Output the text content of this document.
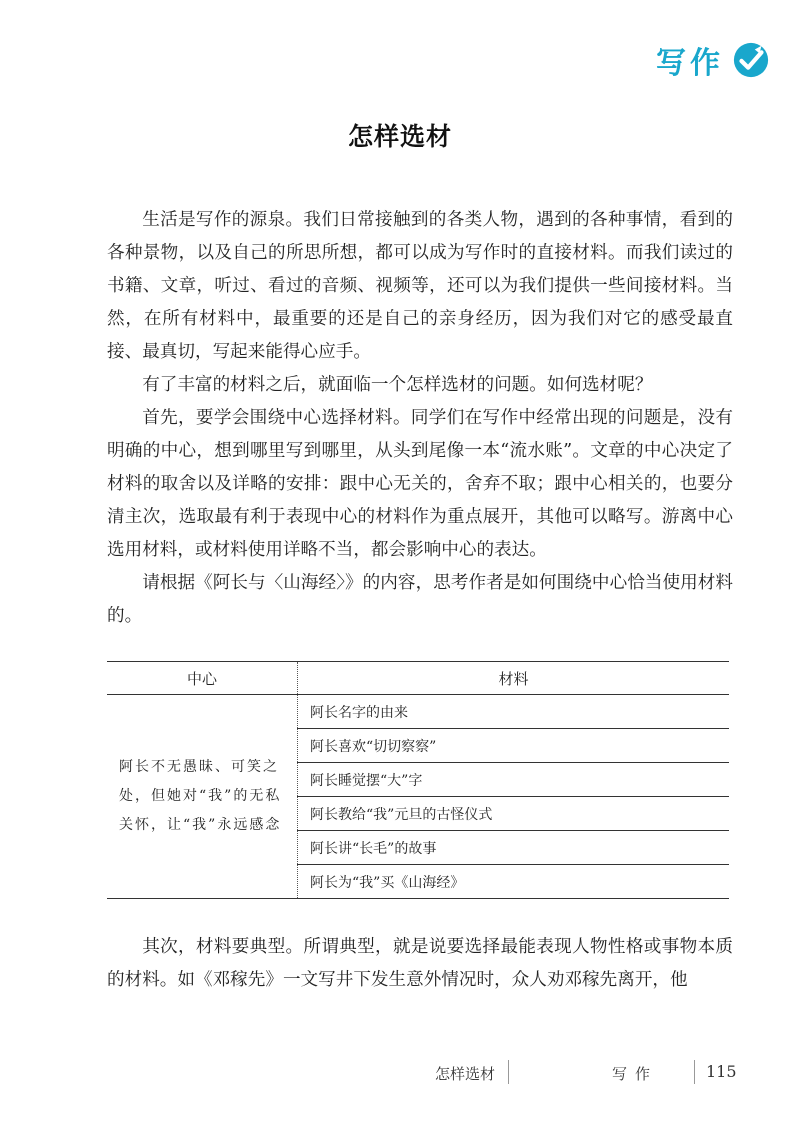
写作
怎样选材

生活是写作的源泉。我们日常接触到的各类人物，遇到的各种事情，看到的各种景物，以及自己的所思所想，都可以成为写作时的直接材料。而我们读过的书籍、文章，听过、看过的音频、视频等，还可以为我们提供一些间接材料。当然，在所有材料中，最重要的还是自己的亲身经历，因为我们对它的感受最直接、最真切，写起来能得心应手。

有了丰富的材料之后，就面临一个怎样选材的问题。如何选材呢？

首先，要学会围绕中心选择材料。同学们在写作中经常出现的问题是，没有明确的中心，想到哪里写到哪里，从头到尾像一本“流水账”。文章的中心决定了材料的取舍以及详略的安排：跟中心无关的，舍弃不取；跟中心相关的，也要分清主次，选取最有利于表现中心的材料作为重点展开，其他可以略写。游离中心选用材料，或材料使用详略不当，都会影响中心的表达。

请根据《阿长与〈山海经〉》的内容，思考作者是如何围绕中心恰当使用材料的。

中心	材料
阿长不无愚昧、可笑之处，但她对“我”的无私关怀，让“我”永远感念	阿长名字的由来
	阿长喜欢“切切察察”
	阿长睡觉摆“大”字
	阿长教给“我”元旦的古怪仪式
	阿长讲“长毛”的故事
	阿长为“我”买《山海经》

其次，材料要典型。所谓典型，就是说要选择最能表现人物性格或事物本质的材料。如《邓稼先》一文写井下发生意外情况时，众人劝邓稼先离开，他

怎样选材	写作	115
